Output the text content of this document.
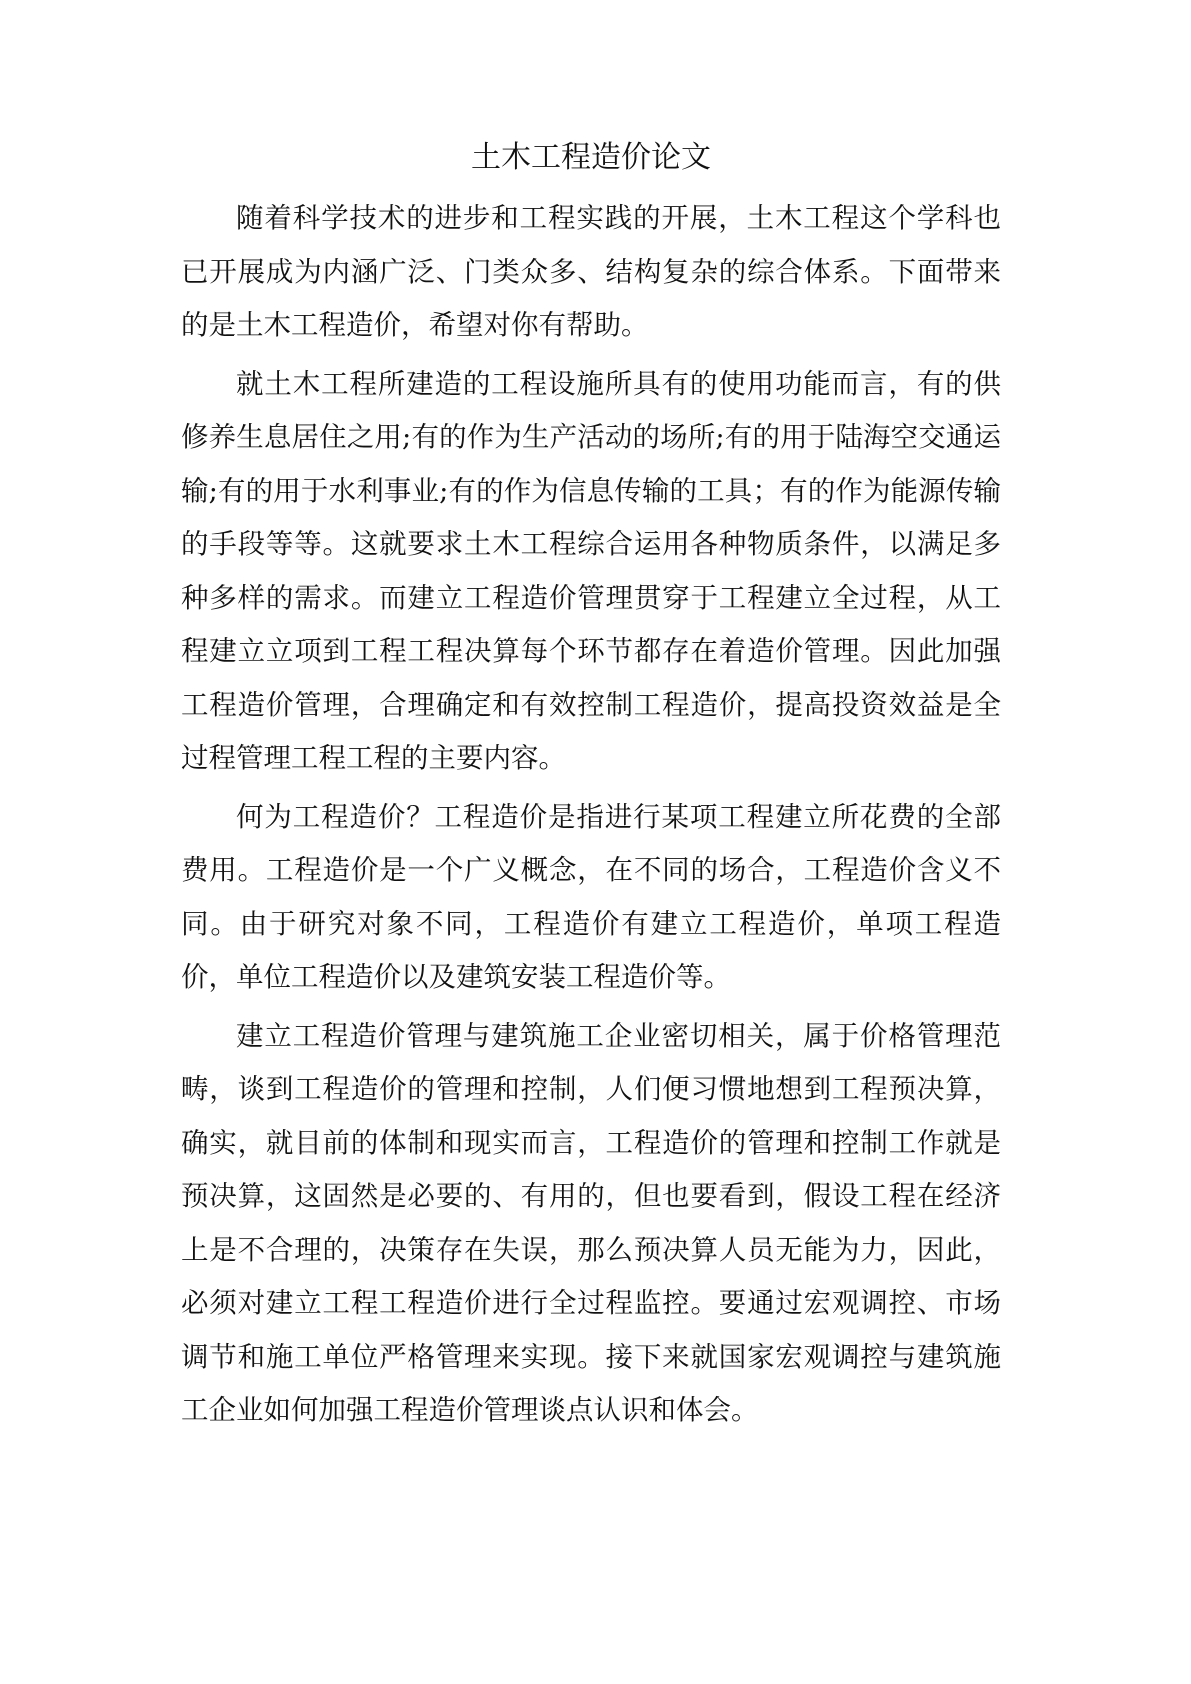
土木工程造价论文

随着科学技术的进步和工程实践的开展，土木工程这个学科也已开展成为内涵广泛、门类众多、结构复杂的综合体系。下面带来的是土木工程造价，希望对你有帮助。

就土木工程所建造的工程设施所具有的使用功能而言，有的供修养生息居住之用;有的作为生产活动的场所;有的用于陆海空交通运输;有的用于水利事业;有的作为信息传输的工具；有的作为能源传输的手段等等。这就要求土木工程综合运用各种物质条件，以满足多种多样的需求。而建立工程造价管理贯穿于工程建立全过程，从工程建立立项到工程工程决算每个环节都存在着造价管理。因此加强工程造价管理，合理确定和有效控制工程造价，提高投资效益是全过程管理工程工程的主要内容。

何为工程造价？工程造价是指进行某项工程建立所花费的全部费用。工程造价是一个广义概念，在不同的场合，工程造价含义不同。由于研究对象不同，工程造价有建立工程造价，单项工程造价，单位工程造价以及建筑安装工程造价等。

建立工程造价管理与建筑施工企业密切相关，属于价格管理范畴，谈到工程造价的管理和控制，人们便习惯地想到工程预决算，确实，就目前的体制和现实而言，工程造价的管理和控制工作就是预决算，这固然是必要的、有用的，但也要看到，假设工程在经济上是不合理的，决策存在失误，那么预决算人员无能为力，因此，必须对建立工程工程造价进行全过程监控。要通过宏观调控、市场调节和施工单位严格管理来实现。接下来就国家宏观调控与建筑施工企业如何加强工程造价管理谈点认识和体会。
